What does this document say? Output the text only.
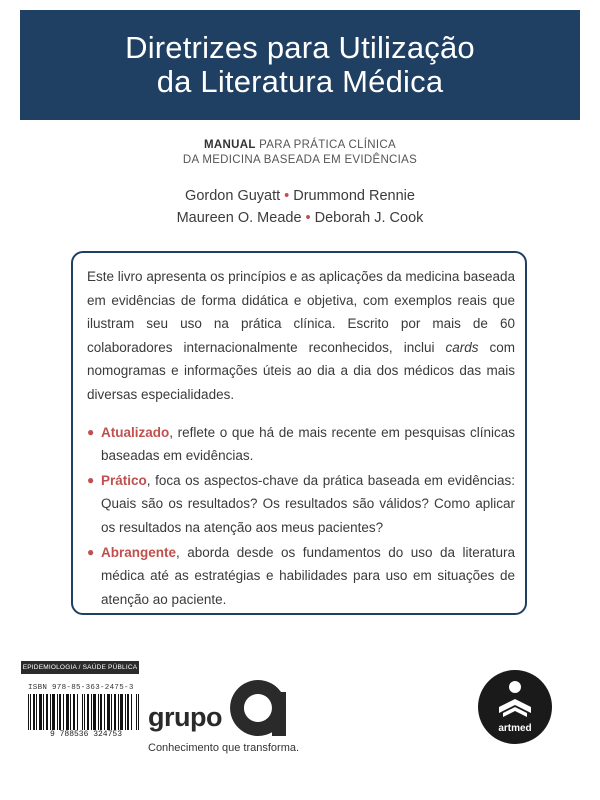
Diretrizes para Utilização
da Literatura Médica
MANUAL PARA PRÁTICA CLÍNICA
DA MEDICINA BASEADA EM EVIDÊNCIAS
Gordon Guyatt • Drummond Rennie
Maureen O. Meade • Deborah J. Cook

Este livro apresenta os princípios e as aplicações da medicina baseada em evidências de forma didática e objetiva, com exemplos reais que ilustram seu uso na prática clínica. Escrito por mais de 60 colaboradores internacionalmente reconhecidos, inclui cards com nomogramas e informações úteis ao dia a dia dos médicos das mais diversas especialidades.

● Atualizado, reflete o que há de mais recente em pesquisas clínicas baseadas em evidências.
● Prático, foca os aspectos-chave da prática baseada em evidências: Quais são os resultados? Os resultados são válidos? Como aplicar os resultados na atenção aos meus pacientes?
● Abrangente, aborda desde os fundamentos do uso da literatura médica até as estratégias e habilidades para uso em situações de atenção ao paciente.
EPIDEMIOLOGIA / SAÚDE PÚBLICA
ISBN 978-85-363-2475-3
9 788536 324753
grupo
Conhecimento que transforma.
artmed
